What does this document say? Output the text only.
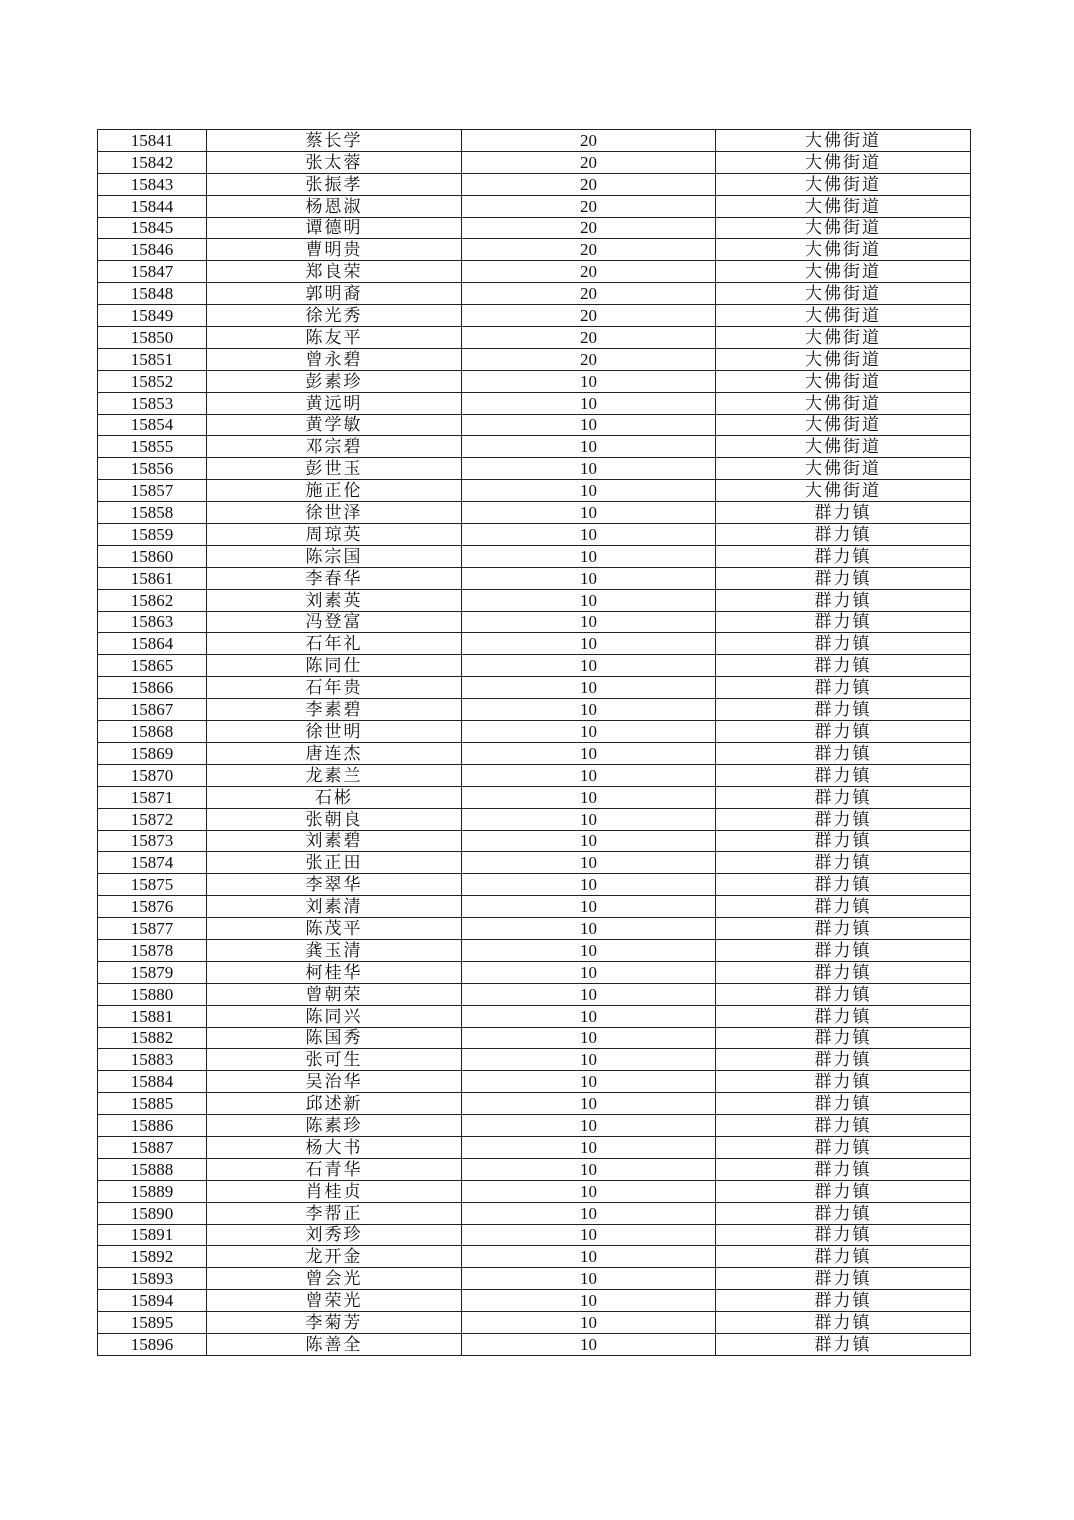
15841	蔡长学	20	大佛街道
15842	张太蓉	20	大佛街道
15843	张振孝	20	大佛街道
15844	杨恩淑	20	大佛街道
15845	谭德明	20	大佛街道
15846	曹明贵	20	大佛街道
15847	郑良荣	20	大佛街道
15848	郭明裔	20	大佛街道
15849	徐光秀	20	大佛街道
15850	陈友平	20	大佛街道
15851	曾永碧	20	大佛街道
15852	彭素珍	10	大佛街道
15853	黄远明	10	大佛街道
15854	黄学敏	10	大佛街道
15855	邓宗碧	10	大佛街道
15856	彭世玉	10	大佛街道
15857	施正伦	10	大佛街道
15858	徐世泽	10	群力镇
15859	周琼英	10	群力镇
15860	陈宗国	10	群力镇
15861	李春华	10	群力镇
15862	刘素英	10	群力镇
15863	冯登富	10	群力镇
15864	石年礼	10	群力镇
15865	陈同仕	10	群力镇
15866	石年贵	10	群力镇
15867	李素碧	10	群力镇
15868	徐世明	10	群力镇
15869	唐连杰	10	群力镇
15870	龙素兰	10	群力镇
15871	石彬	10	群力镇
15872	张朝良	10	群力镇
15873	刘素碧	10	群力镇
15874	张正田	10	群力镇
15875	李翠华	10	群力镇
15876	刘素清	10	群力镇
15877	陈茂平	10	群力镇
15878	龚玉清	10	群力镇
15879	柯桂华	10	群力镇
15880	曾朝荣	10	群力镇
15881	陈同兴	10	群力镇
15882	陈国秀	10	群力镇
15883	张可生	10	群力镇
15884	吴治华	10	群力镇
15885	邱述新	10	群力镇
15886	陈素珍	10	群力镇
15887	杨大书	10	群力镇
15888	石青华	10	群力镇
15889	肖桂贞	10	群力镇
15890	李帮正	10	群力镇
15891	刘秀珍	10	群力镇
15892	龙开金	10	群力镇
15893	曾会光	10	群力镇
15894	曾荣光	10	群力镇
15895	李菊芳	10	群力镇
15896	陈善全	10	群力镇
